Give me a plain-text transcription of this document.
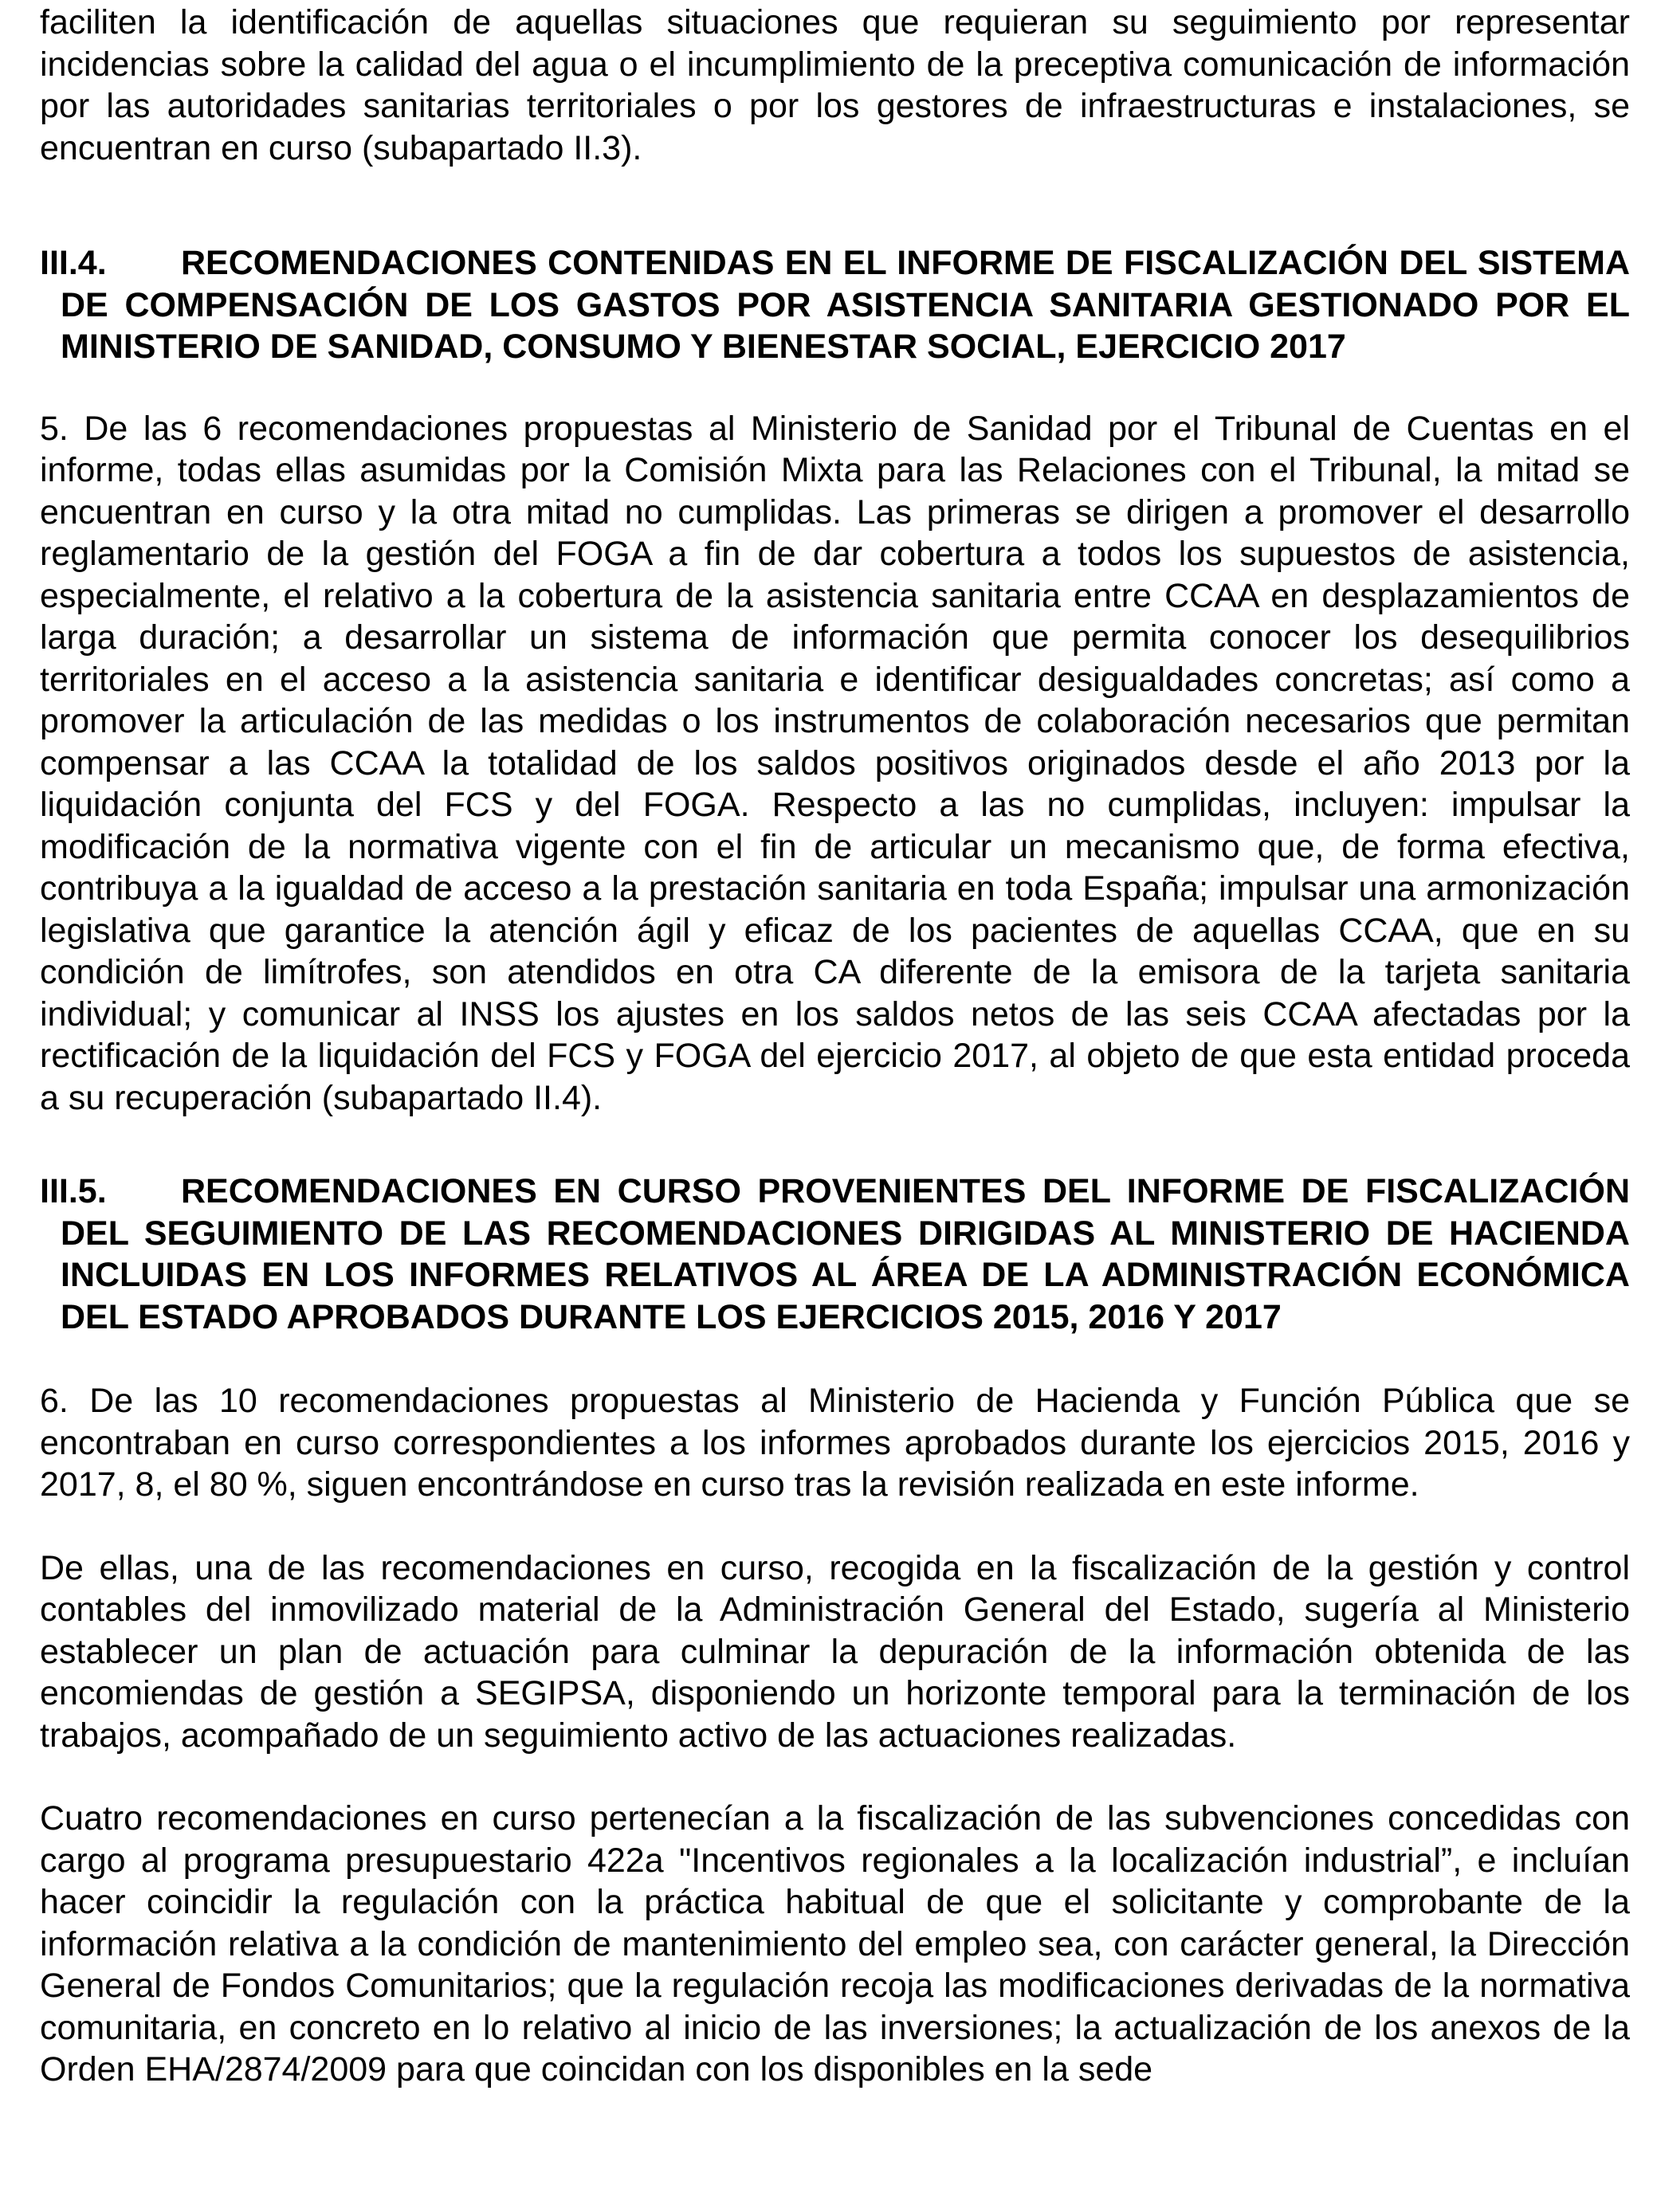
faciliten la identificación de aquellas situaciones que requieran su seguimiento por representar incidencias sobre la calidad del agua o el incumplimiento de la preceptiva comunicación de información por las autoridades sanitarias territoriales o por los gestores de infraestructuras e instalaciones, se encuentran en curso (subapartado II.3).

III.4. RECOMENDACIONES CONTENIDAS EN EL INFORME DE FISCALIZACIÓN DEL SISTEMA DE COMPENSACIÓN DE LOS GASTOS POR ASISTENCIA SANITARIA GESTIONADO POR EL MINISTERIO DE SANIDAD, CONSUMO Y BIENESTAR SOCIAL, EJERCICIO 2017

5. De las 6 recomendaciones propuestas al Ministerio de Sanidad por el Tribunal de Cuentas en el informe, todas ellas asumidas por la Comisión Mixta para las Relaciones con el Tribunal, la mitad se encuentran en curso y la otra mitad no cumplidas. Las primeras se dirigen a promover el desarrollo reglamentario de la gestión del FOGA a fin de dar cobertura a todos los supuestos de asistencia, especialmente, el relativo a la cobertura de la asistencia sanitaria entre CCAA en desplazamientos de larga duración; a desarrollar un sistema de información que permita conocer los desequilibrios territoriales en el acceso a la asistencia sanitaria e identificar desigualdades concretas; así como a promover la articulación de las medidas o los instrumentos de colaboración necesarios que permitan compensar a las CCAA la totalidad de los saldos positivos originados desde el año 2013 por la liquidación conjunta del FCS y del FOGA. Respecto a las no cumplidas, incluyen: impulsar la modificación de la normativa vigente con el fin de articular un mecanismo que, de forma efectiva, contribuya a la igualdad de acceso a la prestación sanitaria en toda España; impulsar una armonización legislativa que garantice la atención ágil y eficaz de los pacientes de aquellas CCAA, que en su condición de limítrofes, son atendidos en otra CA diferente de la emisora de la tarjeta sanitaria individual; y comunicar al INSS los ajustes en los saldos netos de las seis CCAA afectadas por la rectificación de la liquidación del FCS y FOGA del ejercicio 2017, al objeto de que esta entidad proceda a su recuperación (subapartado II.4).

III.5. RECOMENDACIONES EN CURSO PROVENIENTES DEL INFORME DE FISCALIZACIÓN DEL SEGUIMIENTO DE LAS RECOMENDACIONES DIRIGIDAS AL MINISTERIO DE HACIENDA INCLUIDAS EN LOS INFORMES RELATIVOS AL ÁREA DE LA ADMINISTRACIÓN ECONÓMICA DEL ESTADO APROBADOS DURANTE LOS EJERCICIOS 2015, 2016 Y 2017

6. De las 10 recomendaciones propuestas al Ministerio de Hacienda y Función Pública que se encontraban en curso correspondientes a los informes aprobados durante los ejercicios 2015, 2016 y 2017, 8, el 80 %, siguen encontrándose en curso tras la revisión realizada en este informe.

De ellas, una de las recomendaciones en curso, recogida en la fiscalización de la gestión y control contables del inmovilizado material de la Administración General del Estado, sugería al Ministerio establecer un plan de actuación para culminar la depuración de la información obtenida de las encomiendas de gestión a SEGIPSA, disponiendo un horizonte temporal para la terminación de los trabajos, acompañado de un seguimiento activo de las actuaciones realizadas.

Cuatro recomendaciones en curso pertenecían a la fiscalización de las subvenciones concedidas con cargo al programa presupuestario 422a "Incentivos regionales a la localización industrial”, e incluían hacer coincidir la regulación con la práctica habitual de que el solicitante y comprobante de la información relativa a la condición de mantenimiento del empleo sea, con carácter general, la Dirección General de Fondos Comunitarios; que la regulación recoja las modificaciones derivadas de la normativa comunitaria, en concreto en lo relativo al inicio de las inversiones; la actualización de los anexos de la Orden EHA/2874/2009 para que coincidan con los disponibles en la sede
